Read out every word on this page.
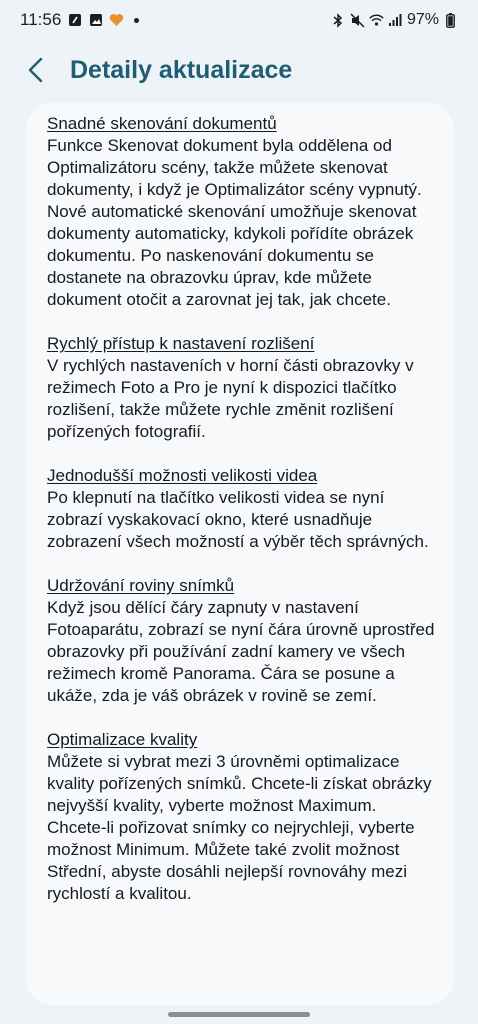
11:56	97%
Detaily aktualizace
Snadné skenování dokumentů

Funkce Skenovat dokument byla oddělena od Optimalizátoru scény, takže můžete skenovat dokumenty, i když je Optimalizátor scény vypnutý. Nové automatické skenování umožňuje skenovat dokumenty automaticky, kdykoli pořídíte obrázek dokumentu. Po naskenování dokumentu se dostanete na obrazovku úprav, kde můžete dokument otočit a zarovnat jej tak, jak chcete.

Rychlý přístup k nastavení rozlišení

V rychlých nastaveních v horní části obrazovky v režimech Foto a Pro je nyní k dispozici tlačítko rozlišení, takže můžete rychle změnit rozlišení pořízených fotografií.

Jednodušší možnosti velikosti videa

Po klepnutí na tlačítko velikosti videa se nyní zobrazí vyskakovací okno, které usnadňuje zobrazení všech možností a výběr těch správných.

Udržování roviny snímků

Když jsou dělící čáry zapnuty v nastavení Fotoaparátu, zobrazí se nyní čára úrovně uprostřed obrazovky při používání zadní kamery ve všech režimech kromě Panorama. Čára se posune a ukáže, zda je váš obrázek v rovině se zemí.

Optimalizace kvality

Můžete si vybrat mezi 3 úrovněmi optimalizace kvality pořízených snímků. Chcete-li získat obrázky nejvyšší kvality, vyberte možnost Maximum. Chcete-li pořizovat snímky co nejrychleji, vyberte možnost Minimum. Můžete také zvolit možnost Střední, abyste dosáhli nejlepší rovnováhy mezi rychlostí a kvalitou.
